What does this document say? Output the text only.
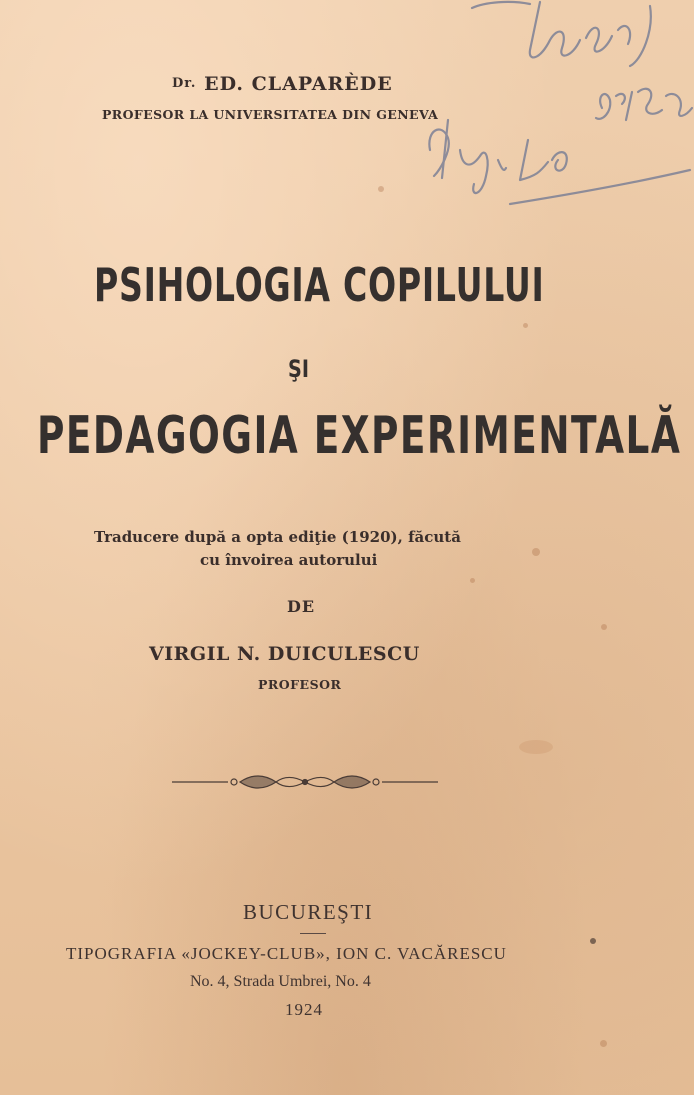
Dr. ED. CLAPARÈDE
PROFESOR LA UNIVERSITATEA DIN GENEVA
PSIHOLOGIA COPILULUI
ŞI
PEDAGOGIA EXPERIMENTALĂ
Traducere după a opta ediţie (1920), făcută
cu învoirea autorului
DE
VIRGIL N. DUICULESCU
PROFESOR
BUCUREŞTI
TIPOGRAFIA «JOCKEY-CLUB», ION C. VACĂRESCU
No. 4, Strada Umbrei, No. 4
1924
